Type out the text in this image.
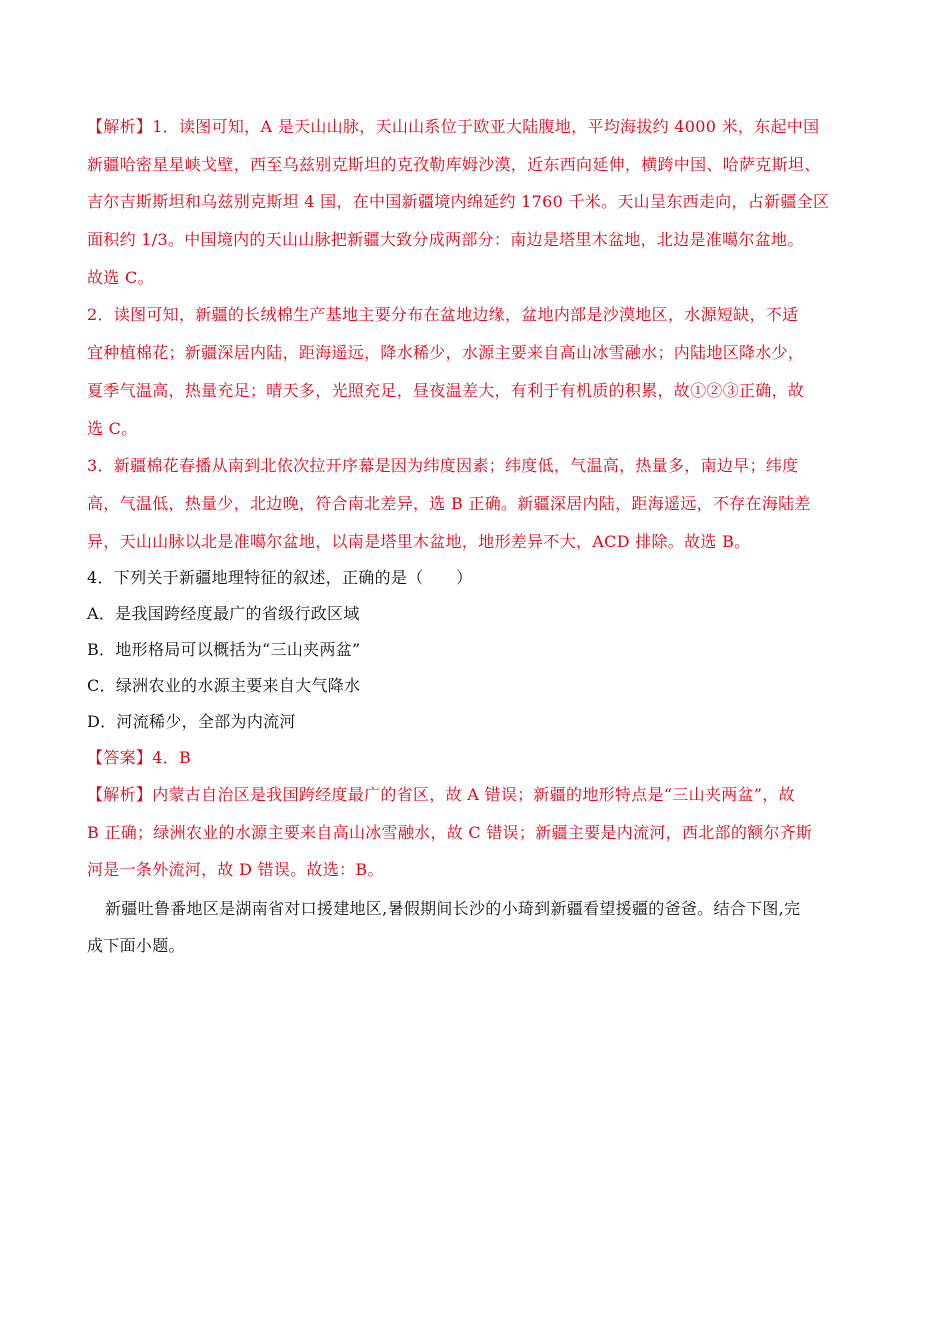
【解析】1．读图可知，A 是天山山脉，天山山系位于欧亚大陆腹地，平均海拔约 4000 米，东起中国
新疆哈密星星峡戈壁，西至乌兹别克斯坦的克孜勒库姆沙漠，近东西向延伸，横跨中国、哈萨克斯坦、
吉尔吉斯斯坦和乌兹别克斯坦 4 国，在中国新疆境内绵延约 1760 千米。天山呈东西走向，占新疆全区
面积约 1/3。中国境内的天山山脉把新疆大致分成两部分：南边是塔里木盆地，北边是准噶尔盆地。
故选 C。
2．读图可知，新疆的长绒棉生产基地主要分布在盆地边缘，盆地内部是沙漠地区，水源短缺，不适
宜种植棉花；新疆深居内陆，距海遥远，降水稀少，水源主要来自高山冰雪融水；内陆地区降水少，
夏季气温高，热量充足；晴天多，光照充足，昼夜温差大，有利于有机质的积累，故①②③正确，故
选 C。
3．新疆棉花春播从南到北依次拉开序幕是因为纬度因素；纬度低，气温高，热量多，南边早；纬度
高，气温低，热量少，北边晚，符合南北差异，选 B 正确。新疆深居内陆，距海遥远，不存在海陆差
异，天山山脉以北是准噶尔盆地，以南是塔里木盆地，地形差异不大，ACD 排除。故选 B。
4．下列关于新疆地理特征的叙述，正确的是（　　）
A．是我国跨经度最广的省级行政区域
B．地形格局可以概括为“三山夹两盆”
C．绿洲农业的水源主要来自大气降水
D．河流稀少，全部为内流河
【答案】4．B
【解析】内蒙古自治区是我国跨经度最广的省区，故 A 错误；新疆的地形特点是“三山夹两盆”，故
B 正确；绿洲农业的水源主要来自高山冰雪融水，故 C 错误；新疆主要是内流河，西北部的额尔齐斯
河是一条外流河，故 D 错误。故选：B。
新疆吐鲁番地区是湖南省对口援建地区,暑假期间长沙的小琦到新疆看望援疆的爸爸。结合下图,完
成下面小题。
